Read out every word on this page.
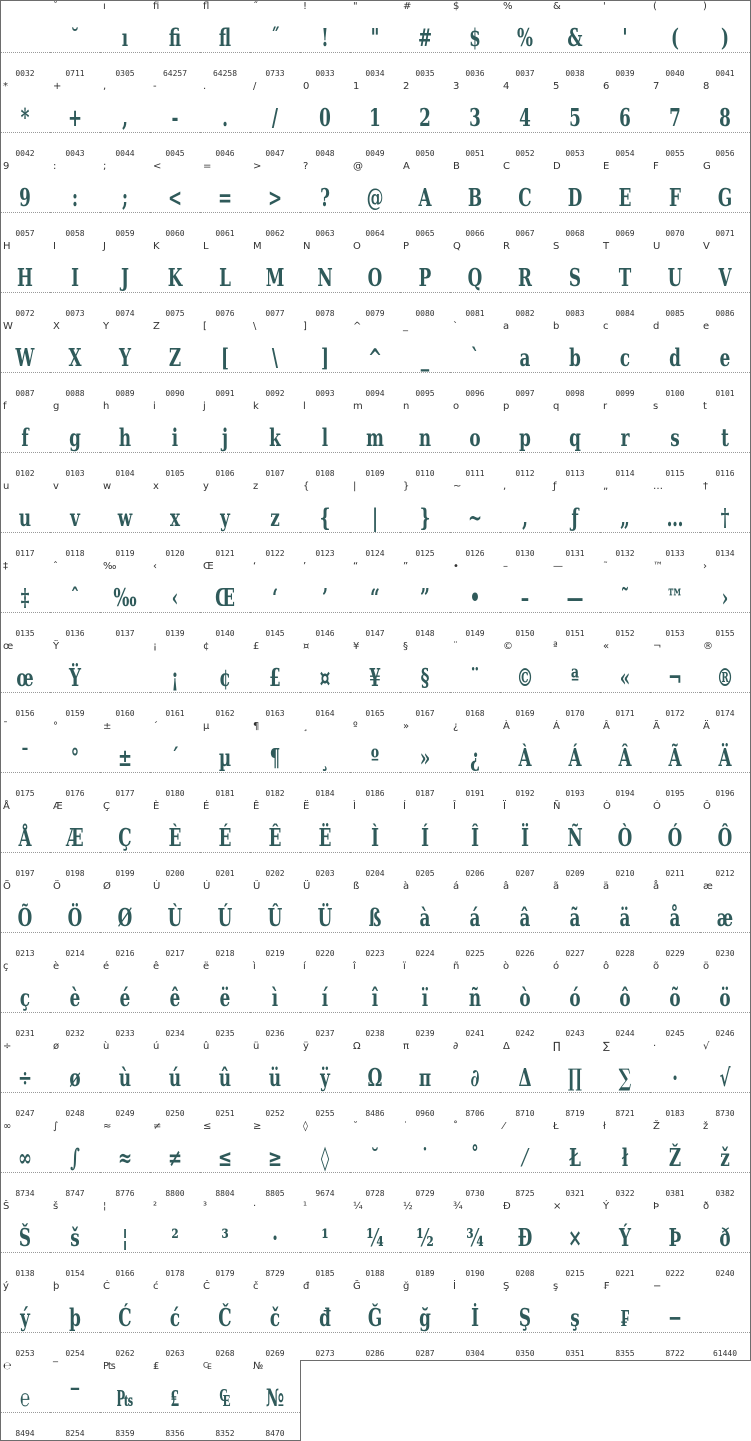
0032
˘
˘
0711
ı
ı
0305
fi
fi
64257
fl
fl
64258
˝
˝
0733
!
!
0033
"
"
0034
#
#
0035
$
$
0036
%
%
0037
&
&
0038
'
'
0039
(
(
0040
)
)
0041
*
*
0042
+
+
0043
,
,
0044
-
-
0045
.
.
0046
/
/
0047
0
0
0048
1
1
0049
2
2
0050
3
3
0051
4
4
0052
5
5
0053
6
6
0054
7
7
0055
8
8
0056
9
9
0057
:
:
0058
;
;
0059
<
<
0060
=
=
0061
>
>
0062
?
?
0063
@
@
0064
A
A
0065
B
B
0066
C
C
0067
D
D
0068
E
E
0069
F
F
0070
G
G
0071
H
H
0072
I
I
0073
J
J
0074
K
K
0075
L
L
0076
M
M
0077
N
N
0078
O
O
0079
P
P
0080
Q
Q
0081
R
R
0082
S
S
0083
T
T
0084
U
U
0085
V
V
0086
W
W
0087
X
X
0088
Y
Y
0089
Z
Z
0090
[
[
0091
\
\
0092
]
]
0093
^
^
0094
_
_
0095
`
`
0096
a
a
0097
b
b
0098
c
c
0099
d
d
0100
e
e
0101
f
f
0102
g
g
0103
h
h
0104
i
i
0105
j
j
0106
k
k
0107
l
l
0108
m
m
0109
n
n
0110
o
o
0111
p
p
0112
q
q
0113
r
r
0114
s
s
0115
t
t
0116
u
u
0117
v
v
0118
w
w
0119
x
x
0120
y
y
0121
z
z
0122
{
{
0123
|
|
0124
}
}
0125
~
~
0126
,
,
0130
ƒ
ƒ
0131
„
„
0132
…
…
0133
†
†
0134
‡
‡
0135
ˆ
ˆ
0136
‰
‰
0137
‹
‹
0139
Œ
Œ
0140
‘
‘
0145
’
’
0146
“
“
0147
”
”
0148
•
•
0149
–
–
0150
—
—
0151
˜
˜
0152
™
™
0153
›
›
0155
œ
œ
0156
Ÿ
Ÿ
0159	0160
¡
¡
0161
¢
¢
0162
£
£
0163
¤
¤
0164
¥
¥
0165
§
§
0167
¨
¨
0168
©
©
0169
ª
ª
0170
«
«
0171
¬
¬
0172
®
®
0174
¯
¯
0175
°
°
0176
±
±
0177
´
´
0180
µ
µ
0181
¶
¶
0182
¸
¸
0184
º
º
0186
»
»
0187
¿
¿
0191
À
À
0192
Á
Á
0193
Â
Â
0194
Ã
Ã
0195
Ä
Ä
0196
Å
Å
0197
Æ
Æ
0198
Ç
Ç
0199
È
È
0200
É
É
0201
Ê
Ê
0202
Ë
Ë
0203
Ì
Ì
0204
Í
Í
0205
Î
Î
0206
Ï
Ï
0207
Ñ
Ñ
0209
Ò
Ò
0210
Ó
Ó
0211
Ô
Ô
0212
Õ
Õ
0213
Ö
Ö
0214
Ø
Ø
0216
Ù
Ù
0217
Ú
Ú
0218
Û
Û
0219
Ü
Ü
0220
ß
ß
0223
à
à
0224
á
á
0225
â
â
0226
ã
ã
0227
ä
ä
0228
å
å
0229
æ
æ
0230
ç
ç
0231
è
è
0232
é
é
0233
ê
ê
0234
ë
ë
0235
ì
ì
0236
í
í
0237
î
î
0238
ï
ï
0239
ñ
ñ
0241
ò
ò
0242
ó
ó
0243
ô
ô
0244
õ
õ
0245
ö
ö
0246
÷
÷
0247
ø
ø
0248
ù
ù
0249
ú
ú
0250
û
û
0251
ü
ü
0252
ÿ
ÿ
0255
Ω
Ω
8486
π
π
0960
∂
∂
8706
Δ
Δ
8710
∏
∏
8719
∑
∑
8721
·
·
0183
√
√
8730
∞
∞
8734
∫
∫
8747
≈
≈
8776
≠
≠
8800
≤
≤
8804
≥
≥
8805
◊
◊
9674
˘
˘
0728
˙
˙
0729
˚
˚
0730
⁄
⁄
8725
Ł
Ł
0321
ł
ł
0322
Ž
Ž
0381
ž
ž
0382
Š
Š
0138
š
š
0154
¦
¦
0166
²
²
0178
³
³
0179
·
·
8729
¹
¹
0185
¼
¼
0188
½
½
0189
¾
¾
0190
Ð
Ð
0208
×
×
0215
Ý
Ý
0221
Þ
Þ
0222
ð
ð
0240
ý
ý
0253
þ
þ
0254
Ć
Ć
0262
ć
ć
0263
Č
Č
0268
č
č
0269
đ
đ
0273
Ğ
Ğ
0286
ğ
ğ
0287
İ
İ
0304
Ş
Ş
0350
ş
ş
0351
₣
₣
8355
−
−
8722	61440
℮
℮
8494
‾
‾
8254
₧
₧
8359
₤
₤
8356
₠
₠
8352
№
№
8470
